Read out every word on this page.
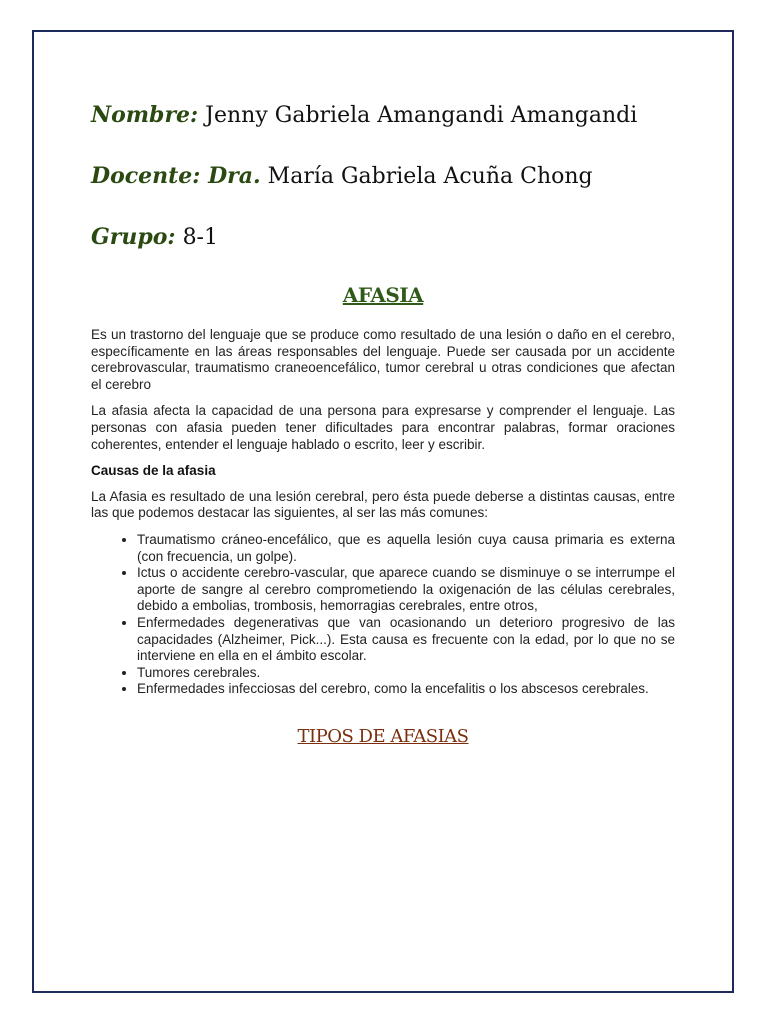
Nombre: Jenny Gabriela Amangandi Amangandi
Docente: Dra. María Gabriela Acuña Chong
Grupo: 8-1
AFASIA

Es un trastorno del lenguaje que se produce como resultado de una lesión o daño en el cerebro, específicamente en las áreas responsables del lenguaje. Puede ser causada por un accidente cerebrovascular, traumatismo craneoencefálico, tumor cerebral u otras condiciones que afectan el cerebro

La afasia afecta la capacidad de una persona para expresarse y comprender el lenguaje. Las personas con afasia pueden tener dificultades para encontrar palabras, formar oraciones coherentes, entender el lenguaje hablado o escrito, leer y escribir.

Causas de la afasia

La Afasia es resultado de una lesión cerebral, pero ésta puede deberse a distintas causas, entre las que podemos destacar las siguientes, al ser las más comunes:

• Traumatismo cráneo-encefálico, que es aquella lesión cuya causa primaria es externa (con frecuencia, un golpe).
• Ictus o accidente cerebro-vascular, que aparece cuando se disminuye o se interrumpe el aporte de sangre al cerebro comprometiendo la oxigenación de las células cerebrales, debido a embolias, trombosis, hemorragias cerebrales, entre otros,
• Enfermedades degenerativas que van ocasionando un deterioro progresivo de las capacidades (Alzheimer, Pick...). Esta causa es frecuente con la edad, por lo que no se interviene en ella en el ámbito escolar.
• Tumores cerebrales.
• Enfermedades infecciosas del cerebro, como la encefalitis o los abscesos cerebrales.
TIPOS DE AFASIAS
